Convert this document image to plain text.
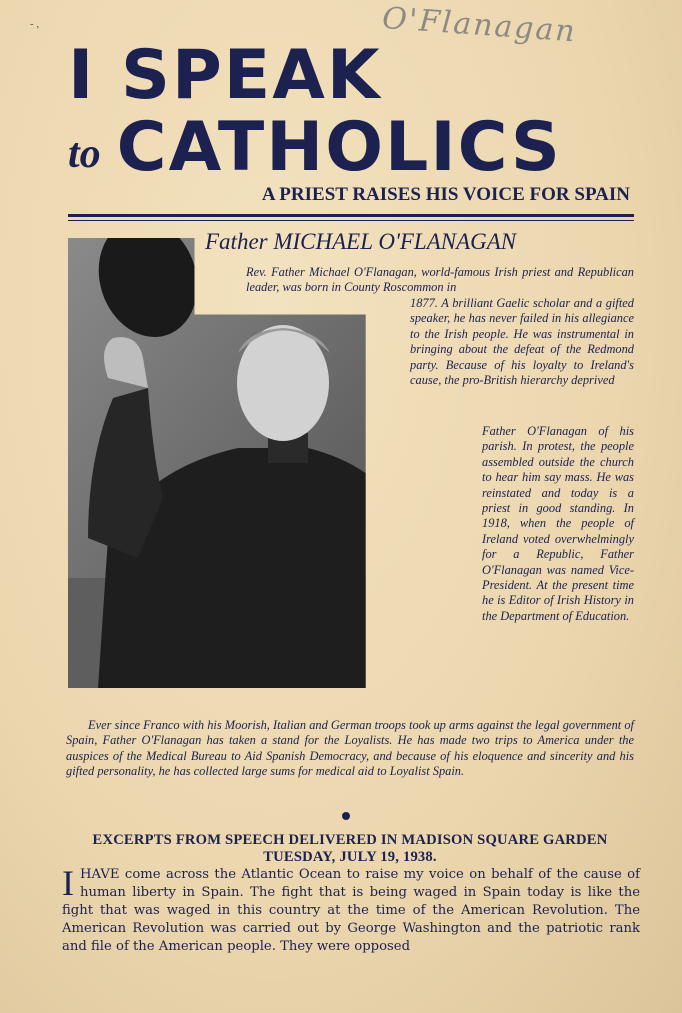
O'Flanagan
- ,
I SPEAK
to CATHOLICS
A PRIEST RAISES HIS VOICE FOR SPAIN
Father MICHAEL O'FLANAGAN
Rev. Father Michael O'Flanagan, world-famous Irish priest and Republican leader, was born in County Roscommon in
1877. A brilliant Gaelic scholar and a gifted speaker, he has never failed in his allegiance to the Irish people. He was instrumental in bringing about the defeat of the Redmond party. Because of his loyalty to Ireland's cause, the pro-British hierarchy deprived
Father O'Flanagan of his parish. In protest, the people assembled outside the church to hear him say mass. He was reinstated and today is a priest in good standing. In 1918, when the people of Ireland voted overwhelmingly for a Republic, Father O'Flanagan was named Vice-President. At the present time he is Editor of Irish History in the Department of Education.
Ever since Franco with his Moorish, Italian and German troops took up arms against the legal government of Spain, Father O'Flanagan has taken a stand for the Loyalists. He has made two trips to America under the auspices of the Medical Bureau to Aid Spanish Democracy, and because of his eloquence and sincerity and his gifted personality, he has collected large sums for medical aid to Loyalist Spain.
EXCERPTS FROM SPEECH DELIVERED IN MADISON SQUARE GARDEN
TUESDAY, JULY 19, 1938.
I HAVE come across the Atlantic Ocean to raise my voice on behalf of the cause of human liberty in Spain. The fight that is being waged in Spain today is like the fight that was waged in this country at the time of the American Revolution. The American Revolution was carried out by George Washington and the patriotic rank and file of the American people. They were opposed
